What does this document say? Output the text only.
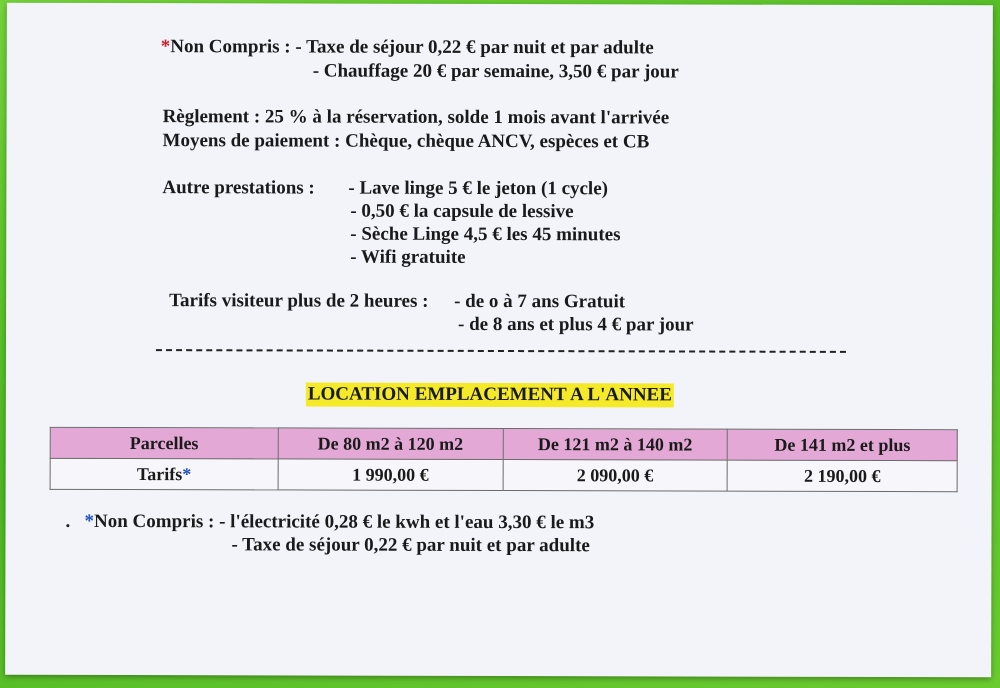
*Non Compris : - Taxe de séjour 0,22 € par nuit et par adulte
- Chauffage 20 € par semaine, 3,50 € par jour
Règlement : 25 % à la réservation, solde 1 mois avant l'arrivée
Moyens de paiement : Chèque, chèque ANCV, espèces et CB
Autre prestations : - Lave linge 5 € le jeton (1 cycle)
- 0,50 € la capsule de lessive
- Sèche Linge 4,5 € les 45 minutes
- Wifi gratuite
Tarifs visiteur plus de 2 heures : - de o à 7 ans Gratuit
- de 8 ans et plus 4 € par jour
LOCATION EMPLACEMENT A L'ANNEE
Parcelles	De 80 m2 à 120 m2	De 121 m2 à 140 m2	De 141 m2 et plus
Tarifs*	1 990,00 €	2 090,00 €	2 190,00 €
. *Non Compris : - l'électricité 0,28 € le kwh et l'eau 3,30 € le m3
- Taxe de séjour 0,22 € par nuit et par adulte
